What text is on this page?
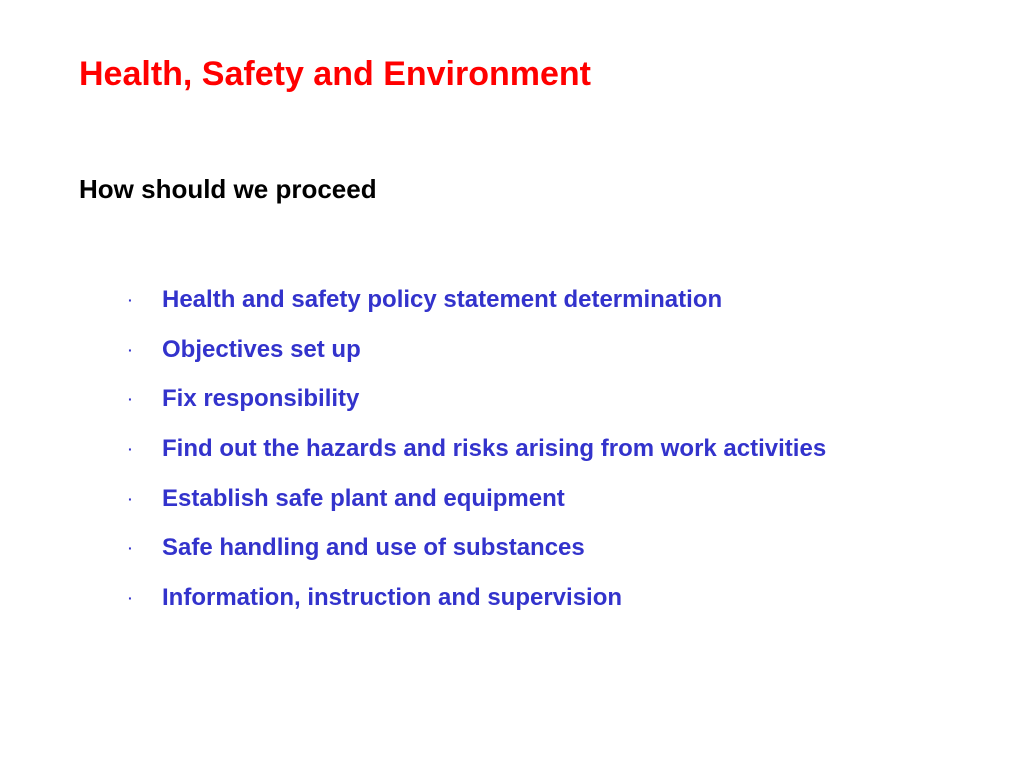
Health, Safety and Environment
How should we proceed
·	Health and safety policy statement determination
·	Objectives set up
·	Fix responsibility
·	Find out the hazards and risks arising from work activities
·	Establish safe plant and equipment
·	Safe handling and use of substances
·	Information, instruction and supervision
